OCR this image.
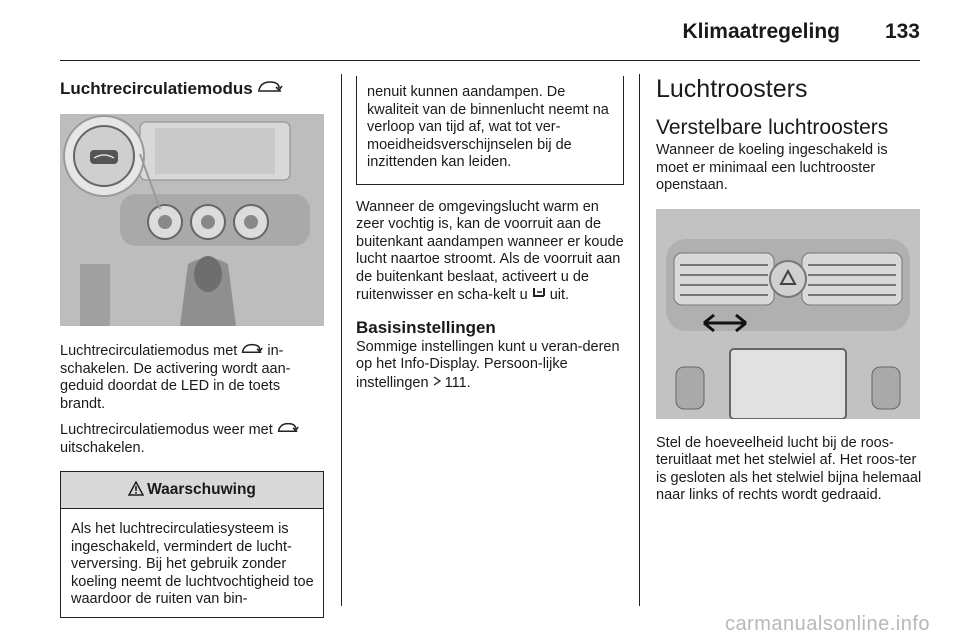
Klimaatregeling 133
Luchtrecirculatiemodus

Luchtrecirculatiemodus met  in-schakelen. De activering wordt aan-geduid doordat de LED in de toets brandt.

Luchtrecirculatiemodus weer met  uitschakelen.

Waarschuwing

Als het luchtrecirculatiesysteem is ingeschakeld, vermindert de lucht-verversing. Bij het gebruik zonder koeling neemt de luchtvochtigheid toe waardoor de ruiten van bin-

nenuit kunnen aandampen. De kwaliteit van de binnenlucht neemt na verloop van tijd af, wat tot ver-moeidheidsverschijnselen bij de inzittenden kan leiden.

Wanneer de omgevingslucht warm en zeer vochtig is, kan de voorruit aan de buitenkant aandampen wanneer er koude lucht naartoe stroomt. Als de voorruit aan de buitenkant beslaat, activeert u de ruitenwisser en scha-kelt u  uit.

Basisinstellingen

Sommige instellingen kunt u veran-deren op het Info-Display. Persoon-lijke instellingen  111.

Luchtroosters
Verstelbare luchtroosters

Wanneer de koeling ingeschakeld is moet er minimaal een luchtrooster openstaan.

Stel de hoeveelheid lucht bij de roos-teruitlaat met het stelwiel af. Het roos-ter is gesloten als het stelwiel bijna helemaal naar links of rechts wordt gedraaid.

carmanualsonline.info
